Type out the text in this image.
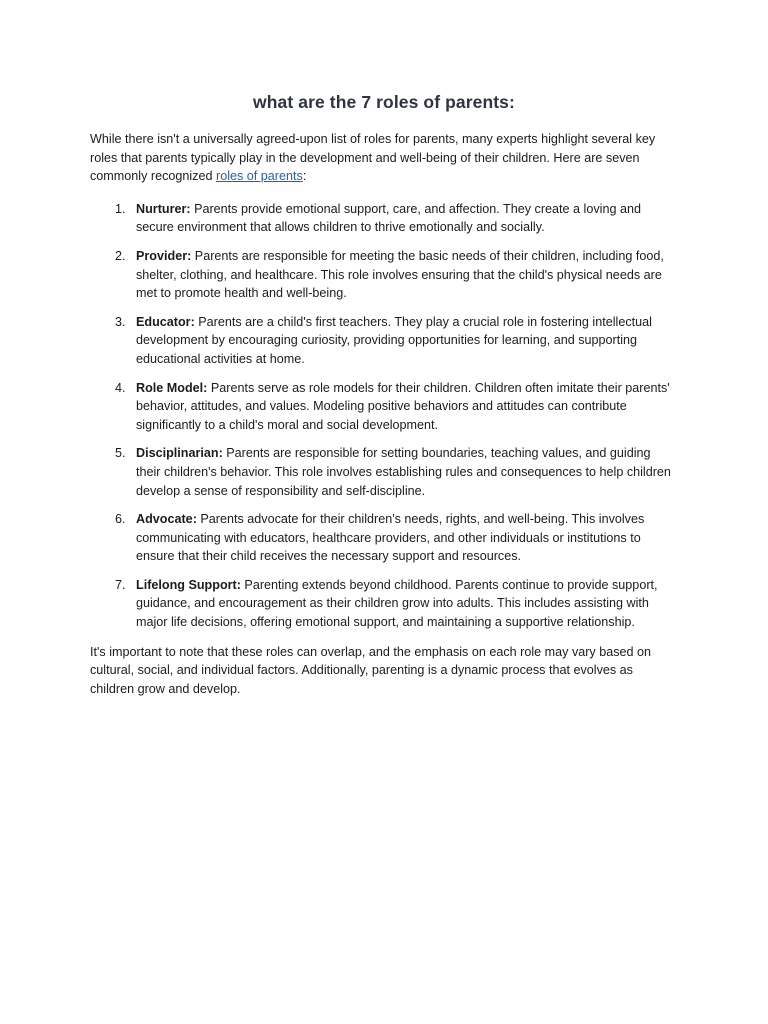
what are the 7 roles of parents:

While there isn't a universally agreed-upon list of roles for parents, many experts highlight several key roles that parents typically play in the development and well-being of their children. Here are seven commonly recognized roles of parents:

1. Nurturer: Parents provide emotional support, care, and affection. They create a loving and secure environment that allows children to thrive emotionally and socially.
2. Provider: Parents are responsible for meeting the basic needs of their children, including food, shelter, clothing, and healthcare. This role involves ensuring that the child's physical needs are met to promote health and well-being.
3. Educator: Parents are a child's first teachers. They play a crucial role in fostering intellectual development by encouraging curiosity, providing opportunities for learning, and supporting educational activities at home.
4. Role Model: Parents serve as role models for their children. Children often imitate their parents' behavior, attitudes, and values. Modeling positive behaviors and attitudes can contribute significantly to a child's moral and social development.
5. Disciplinarian: Parents are responsible for setting boundaries, teaching values, and guiding their children's behavior. This role involves establishing rules and consequences to help children develop a sense of responsibility and self-discipline.
6. Advocate: Parents advocate for their children's needs, rights, and well-being. This involves communicating with educators, healthcare providers, and other individuals or institutions to ensure that their child receives the necessary support and resources.
7. Lifelong Support: Parenting extends beyond childhood. Parents continue to provide support, guidance, and encouragement as their children grow into adults. This includes assisting with major life decisions, offering emotional support, and maintaining a supportive relationship.

It's important to note that these roles can overlap, and the emphasis on each role may vary based on cultural, social, and individual factors. Additionally, parenting is a dynamic process that evolves as children grow and develop.
